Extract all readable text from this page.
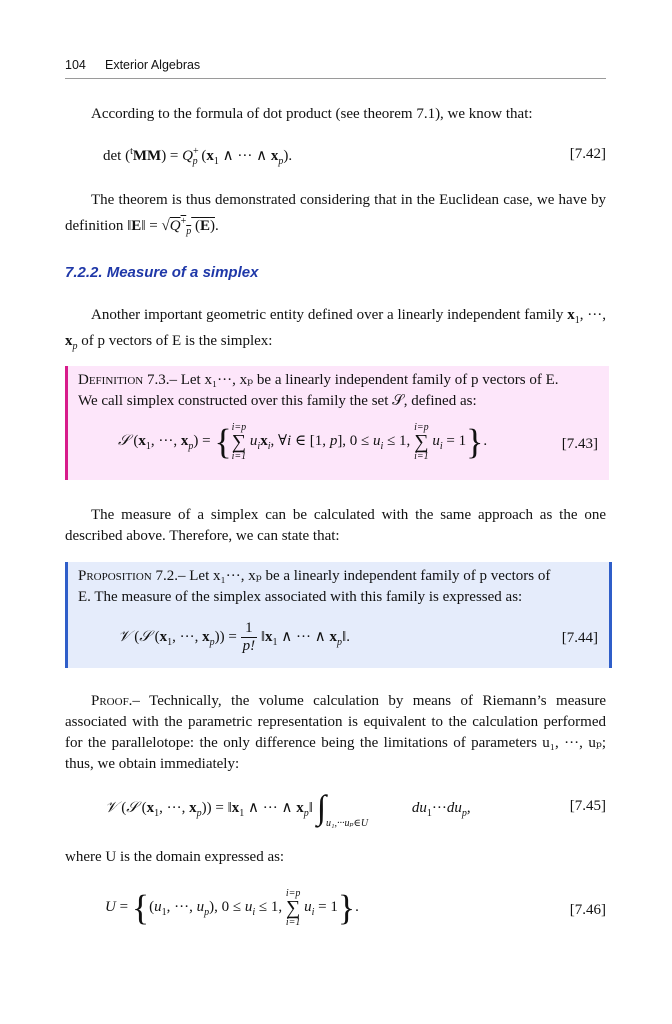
104 Exterior Algebras

According to the formula of dot product (see theorem 7.1), we know that:

$\det (^tMM) = Q^+_p$ ($x_1$ ∧ ··· ∧ $x_p$).	[7.42]

The theorem is thus demonstrated considering that in the Euclidean case, we have by definition ‖E‖ = $√Q^+_p$ (E).

7.2.2. Measure of a simplex

Another important geometric entity defined over a linearly independent family $x_1$, ···, $x_p$ of p vectors of E is the simplex:

Definition 7.3.– Let x₁···, xₚ be a linearly independent family of p vectors of E.
We call simplex constructed over this family the set 𝒮, defined as:

𝒮 ($x_1$, ···, $x_p$) = { i=p
∑
i=1
$u_ix_i$, ∀i ∈ [1, p], $0 \le u_i \le 1$,
i=p
∑
i=1
$u_i = 1$}.	[7.43]

The measure of a simplex can be calculated with the same approach as the one described above. Therefore, we can state that:

Proposition 7.2.– Let x₁···, xₚ be a linearly independent family of p vectors of
E. The measure of the simplex associated with this family is expressed as:

𝒱 (𝒮 ($x_1$, ···, $x_p)) = \frac{1}{p!}$ $‖x_1$ ∧ ··· ∧ $x_p‖$.	[7.44]

Proof.– Technically, the volume calculation by means of Riemann’s measure associated with the parametric representation is equivalent to the calculation performed for the parallelotope: the only difference being the limitations of parameters u₁, ···, uₚ; thus, we obtain immediately:

𝒱 (𝒮 ($x_1$, ···, $x_p$)) = $‖x_1$ ∧ ··· ∧ $x_p‖$ $\int_{u_1,\cdot\cdot\cdot u_p\in U}$ $du_1\cdot\cdot\cdot du_p$,	[7.45]

where U is the domain expressed as:

$U = \{(u_1$, ···, $u_p$), $0 \le u_i \le 1$,
i=p
∑
i=1
$u_i = 1$}.	[7.46]
